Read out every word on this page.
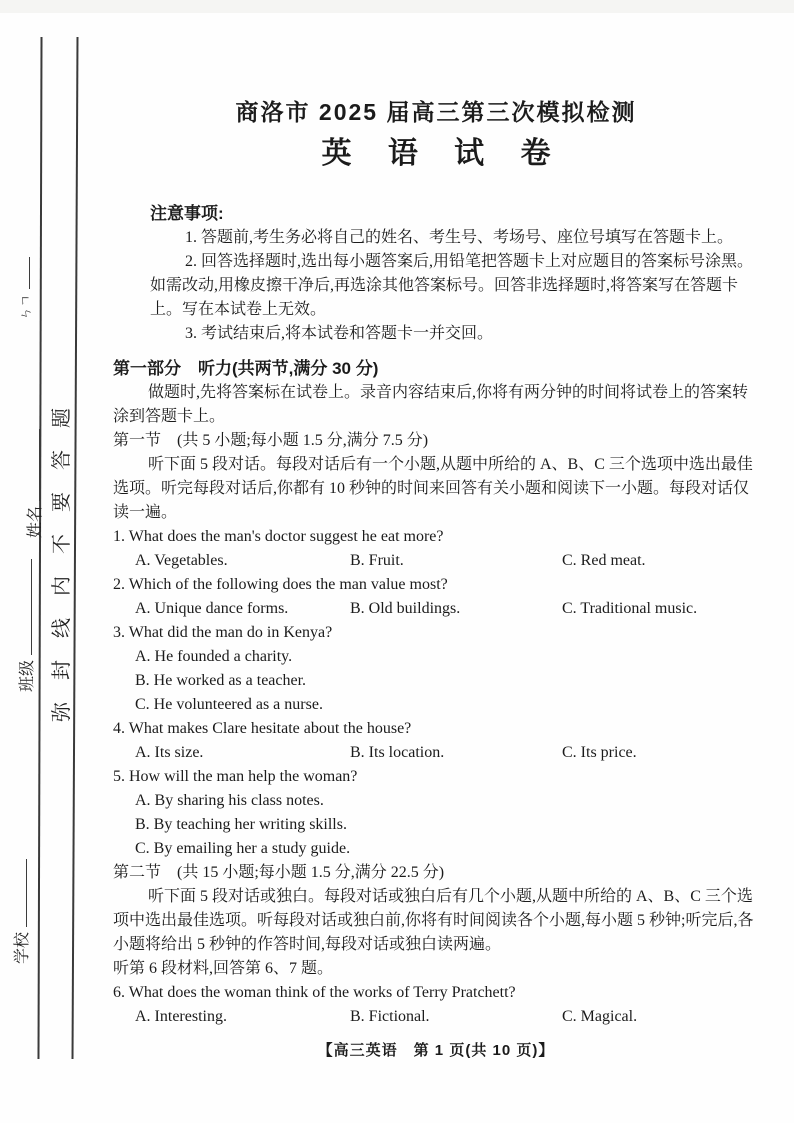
ㄣㄱ
姓名
班级
学校
弥封线内不要答题
商洛市 2025 届高三第三次模拟检测
英 语 试 卷
注意事项:

1. 答题前,考生务必将自己的姓名、考生号、考场号、座位号填写在答题卡上。

2. 回答选择题时,选出每小题答案后,用铅笔把答题卡上对应题目的答案标号涂黑。如需改动,用橡皮擦干净后,再选涂其他答案标号。回答非选择题时,将答案写在答题卡上。写在本试卷上无效。

3. 考试结束后,将本试卷和答题卡一并交回。

第一部分　听力(共两节,满分 30 分)

做题时,先将答案标在试卷上。录音内容结束后,你将有两分钟的时间将试卷上的答案转涂到答题卡上。

第一节　(共 5 小题;每小题 1.5 分,满分 7.5 分)

听下面 5 段对话。每段对话后有一个小题,从题中所给的 A、B、C 三个选项中选出最佳选项。听完每段对话后,你都有 10 秒钟的时间来回答有关小题和阅读下一小题。每段对话仅读一遍。

1. What does the man's doctor suggest he eat more?
A. Vegetables.	B. Fruit.	C. Red meat.
2. Which of the following does the man value most?
A. Unique dance forms.	B. Old buildings.	C. Traditional music.
3. What did the man do in Kenya?
A. He founded a charity.
B. He worked as a teacher.
C. He volunteered as a nurse.
4. What makes Clare hesitate about the house?
A. Its size.	B. Its location.	C. Its price.
5. How will the man help the woman?
A. By sharing his class notes.
B. By teaching her writing skills.
C. By emailing her a study guide.
第二节　(共 15 小题;每小题 1.5 分,满分 22.5 分)

听下面 5 段对话或独白。每段对话或独白后有几个小题,从题中所给的 A、B、C 三个选项中选出最佳选项。听每段对话或独白前,你将有时间阅读各个小题,每小题 5 秒钟;听完后,各小题将给出 5 秒钟的作答时间,每段对话或独白读两遍。

听第 6 段材料,回答第 6、7 题。

6. What does the woman think of the works of Terry Pratchett?
A. Interesting.	B. Fictional.	C. Magical.
【高三英语　第 1 页(共 10 页)】
